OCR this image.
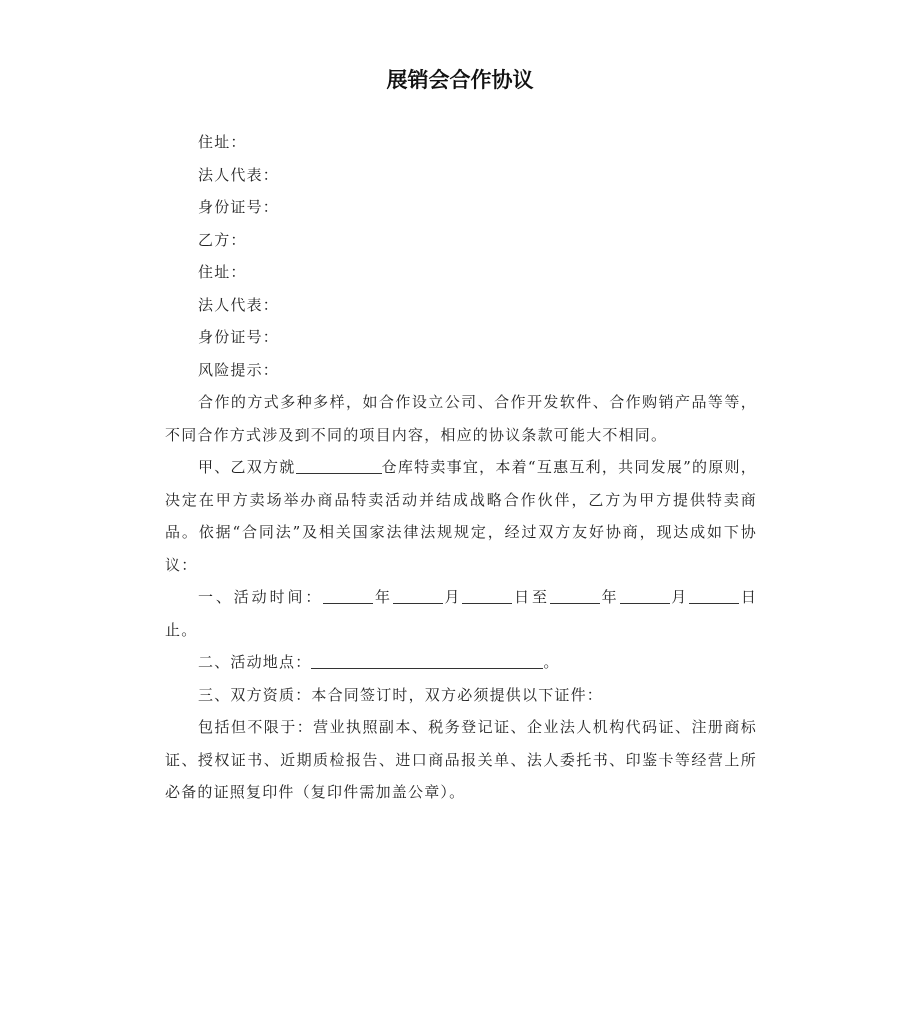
展销会合作协议

住址：

法人代表：

身份证号：

乙方：

住址：

法人代表：

身份证号：

风险提示：

合作的方式多种多样，如合作设立公司、合作开发软件、合作购销产品等等，不同合作方式涉及到不同的项目内容，相应的协议条款可能大不相同。

甲、乙双方就	仓库特卖事宜，本着“互惠互利，共同发展”的原则，决定在甲方卖场举办商品特卖活动并结成战略合作伙伴，乙方为甲方提供特卖商品。依据“合同法”及相关国家法律法规规定，经过双方友好协商，现达成如下协议：

一、活动时间：	年	月	日至	年	月	日止。

二、活动地点：	。

三、双方资质：本合同签订时，双方必须提供以下证件：

包括但不限于：营业执照副本、税务登记证、企业法人机构代码证、注册商标证、授权证书、近期质检报告、进口商品报关单、法人委托书、印鉴卡等经营上所必备的证照复印件（复印件需加盖公章）。
